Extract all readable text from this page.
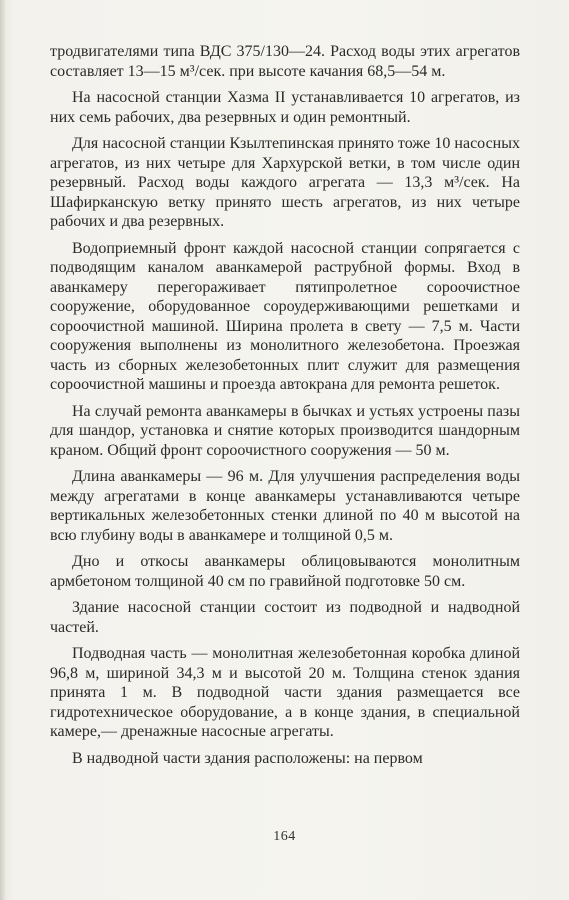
тродвигателями типа ВДС 375/130—24. Расход воды этих агрегатов составляет 13—15 м³/сек. при высоте качания 68,5—54 м.

На насосной станции Хазма II устанавливается 10 агрегатов, из них семь рабочих, два резервных и один ремонтный.

Для насосной станции Кзылтепинская принято тоже 10 насосных агрегатов, из них четыре для Хархурской ветки, в том числе один резервный. Расход воды каждого агрегата — 13,3 м³/сек. На Шафирканскую ветку принято шесть агрегатов, из них четыре рабочих и два резервных.

Водоприемный фронт каждой насосной станции сопрягается с подводящим каналом аванкамерой раструбной формы. Вход в аванкамеру перегораживает пятипролетное сороочистное сооружение, оборудованное сороудерживающими решетками и сороочистной машиной. Ширина пролета в свету — 7,5 м. Части сооружения выполнены из монолитного железобетона. Проезжая часть из сборных железобетонных плит служит для размещения сороочистной машины и проезда автокрана для ремонта решеток.

На случай ремонта аванкамеры в бычках и устьях устроены пазы для шандор, установка и снятие которых производится шандорным краном. Общий фронт сороочистного сооружения — 50 м.

Длина аванкамеры — 96 м. Для улучшения распределения воды между агрегатами в конце аванкамеры устанавливаются четыре вертикальных железобетонных стенки длиной по 40 м высотой на всю глубину воды в аванкамере и толщиной 0,5 м.

Дно и откосы аванкамеры облицовываются монолитным армбетоном толщиной 40 см по гравийной подготовке 50 см.

Здание насосной станции состоит из подводной и надводной частей.

Подводная часть — монолитная железобетонная коробка длиной 96,8 м, шириной 34,3 м и высотой 20 м. Толщина стенок здания принята 1 м. В подводной части здания размещается все гидротехническое оборудование, а в конце здания, в специальной камере,— дренажные насосные агрегаты.

В надводной части здания расположены: на первом

164
